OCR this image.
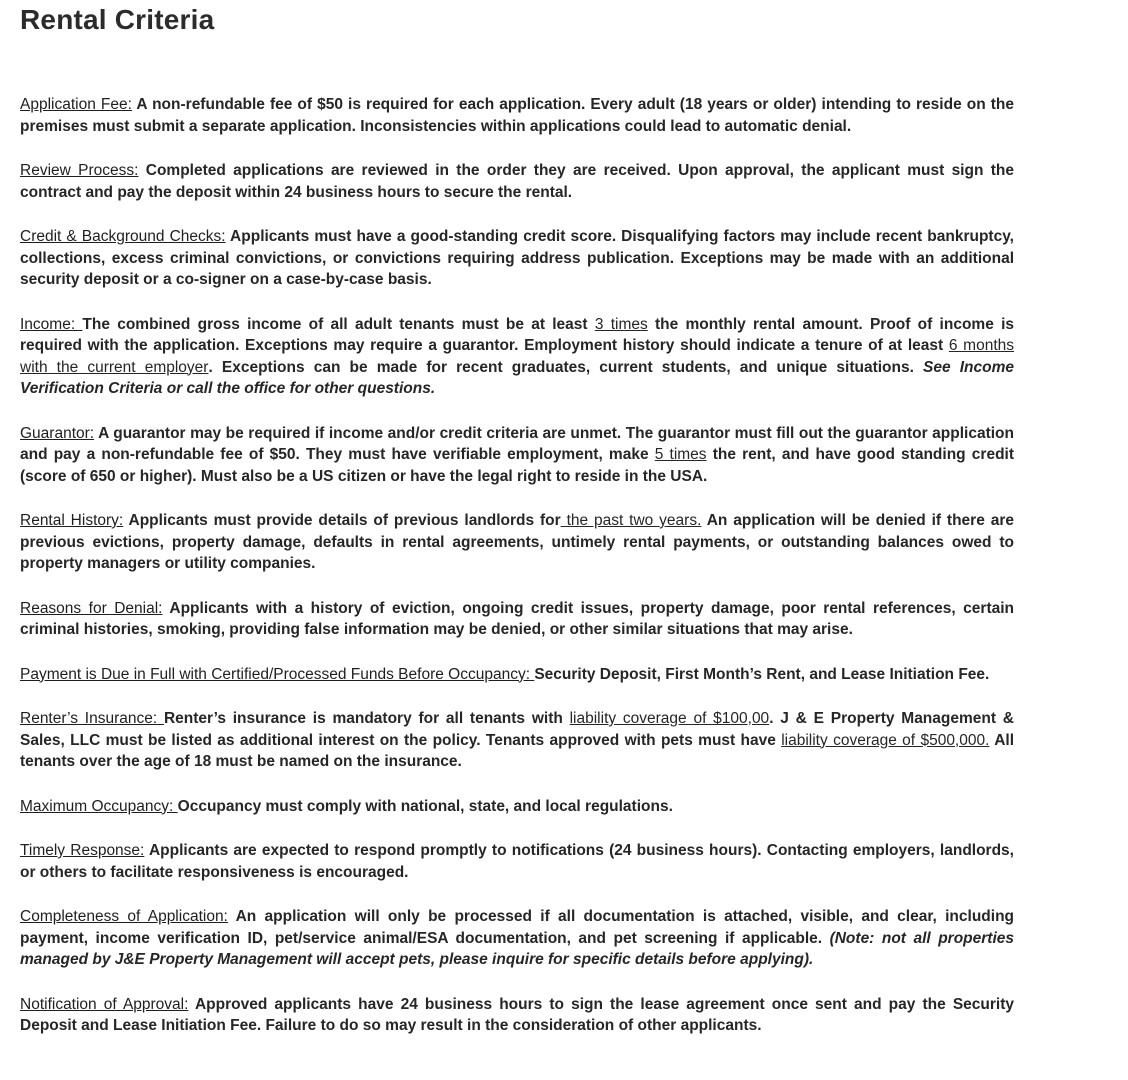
Rental Criteria

Application Fee: A non-refundable fee of $50 is required for each application. Every adult (18 years or older) intending to reside on the premises must submit a separate application. Inconsistencies within applications could lead to automatic denial.

Review Process: Completed applications are reviewed in the order they are received. Upon approval, the applicant must sign the contract and pay the deposit within 24 business hours to secure the rental.

Credit & Background Checks: Applicants must have a good-standing credit score. Disqualifying factors may include recent bankruptcy, collections, excess criminal convictions, or convictions requiring address publication. Exceptions may be made with an additional security deposit or a co-signer on a case-by-case basis.

Income: The combined gross income of all adult tenants must be at least 3 times the monthly rental amount. Proof of income is required with the application. Exceptions may require a guarantor. Employment history should indicate a tenure of at least 6 months with the current employer. Exceptions can be made for recent graduates, current students, and unique situations. See Income Verification Criteria or call the office for other questions.

Guarantor: A guarantor may be required if income and/or credit criteria are unmet. The guarantor must fill out the guarantor application and pay a non-refundable fee of $50. They must have verifiable employment, make 5 times the rent, and have good standing credit (score of 650 or higher). Must also be a US citizen or have the legal right to reside in the USA.

Rental History: Applicants must provide details of previous landlords for the past two years. An application will be denied if there are previous evictions, property damage, defaults in rental agreements, untimely rental payments, or outstanding balances owed to property managers or utility companies.

Reasons for Denial: Applicants with a history of eviction, ongoing credit issues, property damage, poor rental references, certain criminal histories, smoking, providing false information may be denied, or other similar situations that may arise.

Payment is Due in Full with Certified/Processed Funds Before Occupancy: Security Deposit, First Month’s Rent, and Lease Initiation Fee.

Renter’s Insurance: Renter’s insurance is mandatory for all tenants with liability coverage of $100,00. J & E Property Management & Sales, LLC must be listed as additional interest on the policy. Tenants approved with pets must have liability coverage of $500,000. All tenants over the age of 18 must be named on the insurance.

Maximum Occupancy: Occupancy must comply with national, state, and local regulations.

Timely Response: Applicants are expected to respond promptly to notifications (24 business hours). Contacting employers, landlords, or others to facilitate responsiveness is encouraged.

Completeness of Application: An application will only be processed if all documentation is attached, visible, and clear, including payment, income verification ID, pet/service animal/ESA documentation, and pet screening if applicable. (Note: not all properties managed by J&E Property Management will accept pets, please inquire for specific details before applying).

Notification of Approval: Approved applicants have 24 business hours to sign the lease agreement once sent and pay the Security Deposit and Lease Initiation Fee. Failure to do so may result in the consideration of other applicants.
